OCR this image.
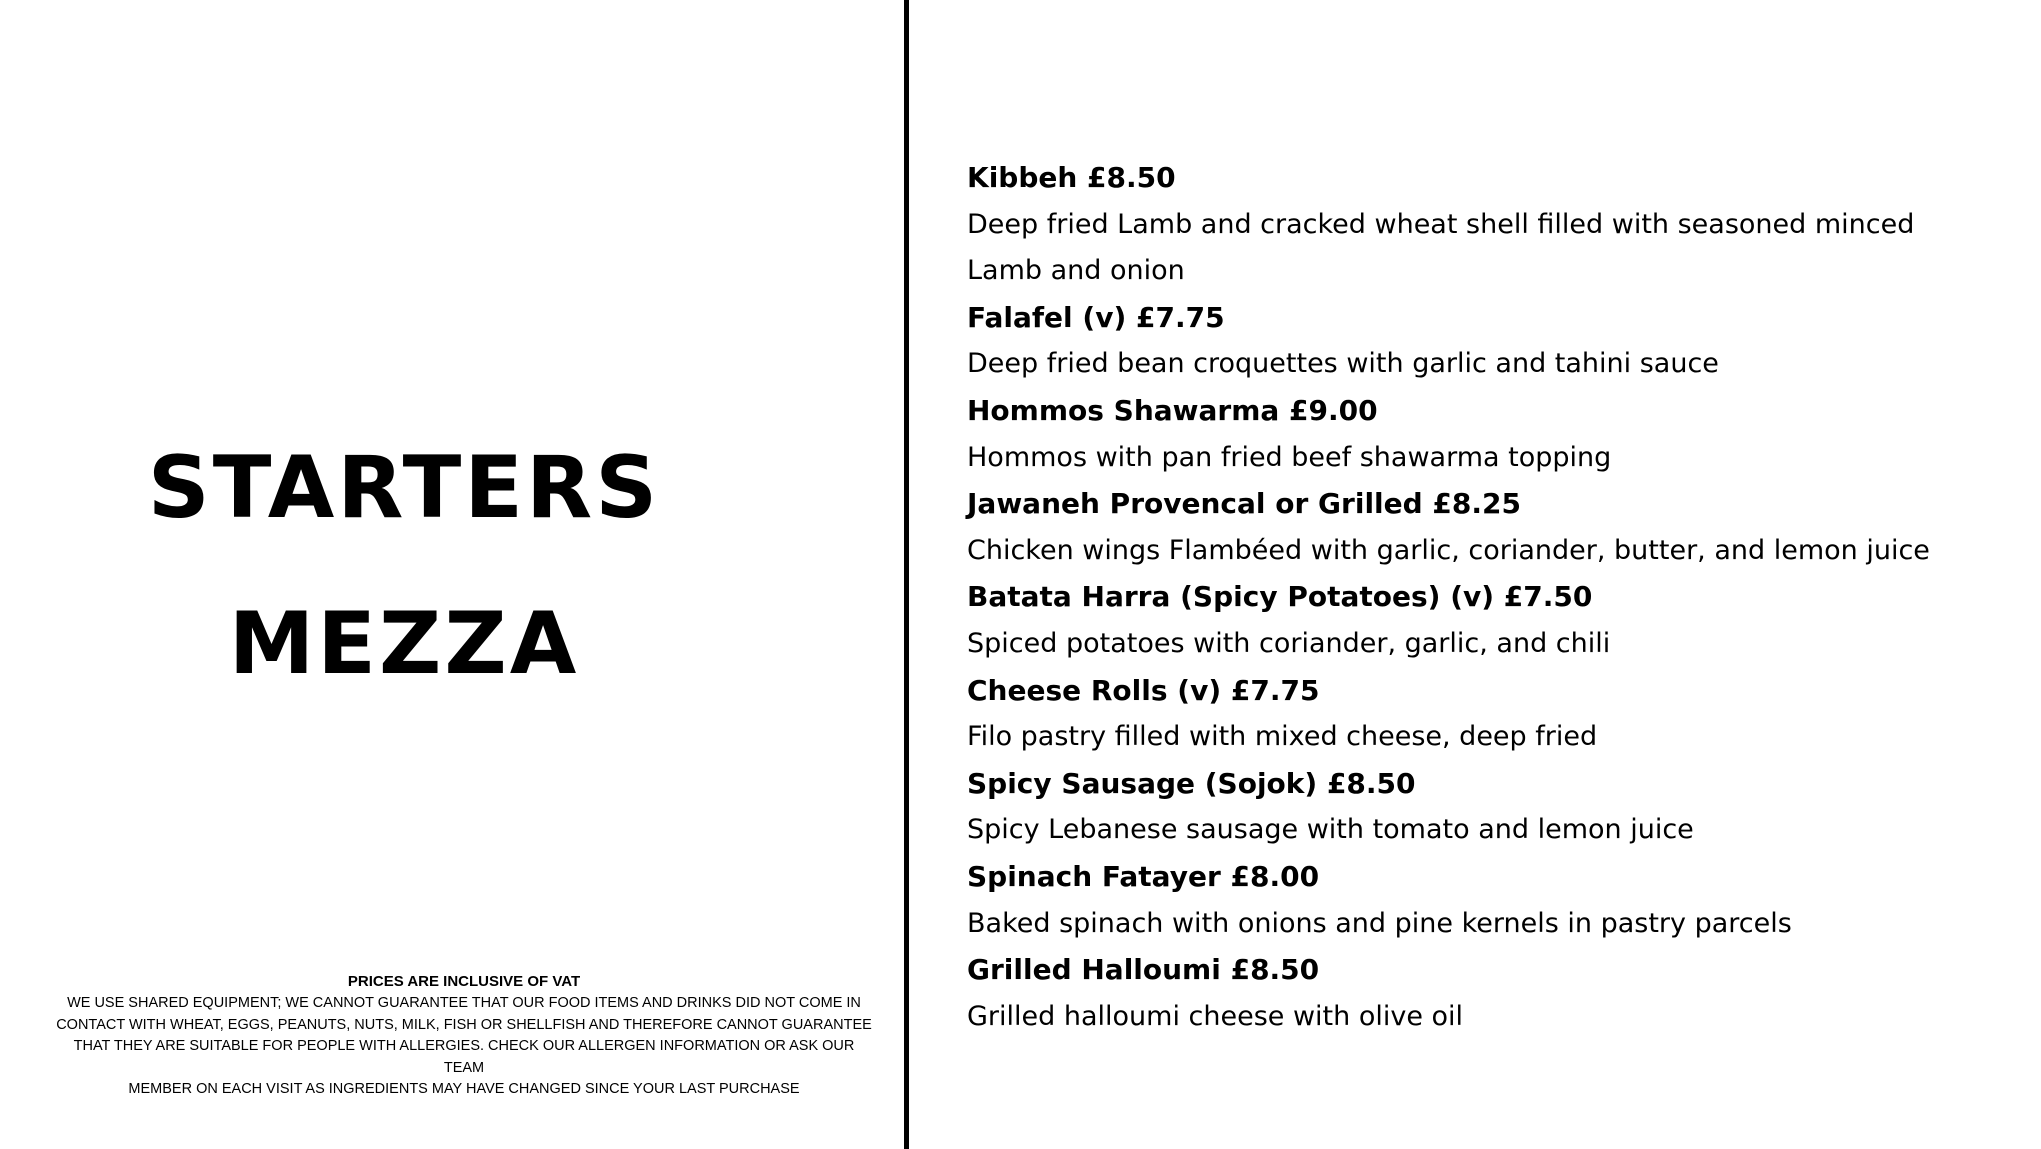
STARTERS
MEZZA
PRICES ARE INCLUSIVE OF VAT
WE USE SHARED EQUIPMENT; WE CANNOT GUARANTEE THAT OUR FOOD ITEMS AND DRINKS DID NOT COME IN
CONTACT WITH WHEAT, EGGS, PEANUTS, NUTS, MILK, FISH OR SHELLFISH AND THEREFORE CANNOT GUARANTEE
THAT THEY ARE SUITABLE FOR PEOPLE WITH ALLERGIES. CHECK OUR ALLERGEN INFORMATION OR ASK OUR TEAM
MEMBER ON EACH VISIT AS INGREDIENTS MAY HAVE CHANGED SINCE YOUR LAST PURCHASE
Kibbeh £8.50
Deep fried Lamb and cracked wheat shell filled with seasoned minced Lamb and onion
Falafel (v) £7.75
Deep fried bean croquettes with garlic and tahini sauce
Hommos Shawarma £9.00
Hommos with pan fried beef shawarma topping
Jawaneh Provencal or Grilled £8.25
Chicken wings Flambéed with garlic, coriander, butter, and lemon juice
Batata Harra (Spicy Potatoes) (v) £7.50
Spiced potatoes with coriander, garlic, and chili
Cheese Rolls (v) £7.75
Filo pastry filled with mixed cheese, deep fried
Spicy Sausage (Sojok) £8.50
Spicy Lebanese sausage with tomato and lemon juice
Spinach Fatayer £8.00
Baked spinach with onions and pine kernels in pastry parcels
Grilled Halloumi £8.50
Grilled halloumi cheese with olive oil
